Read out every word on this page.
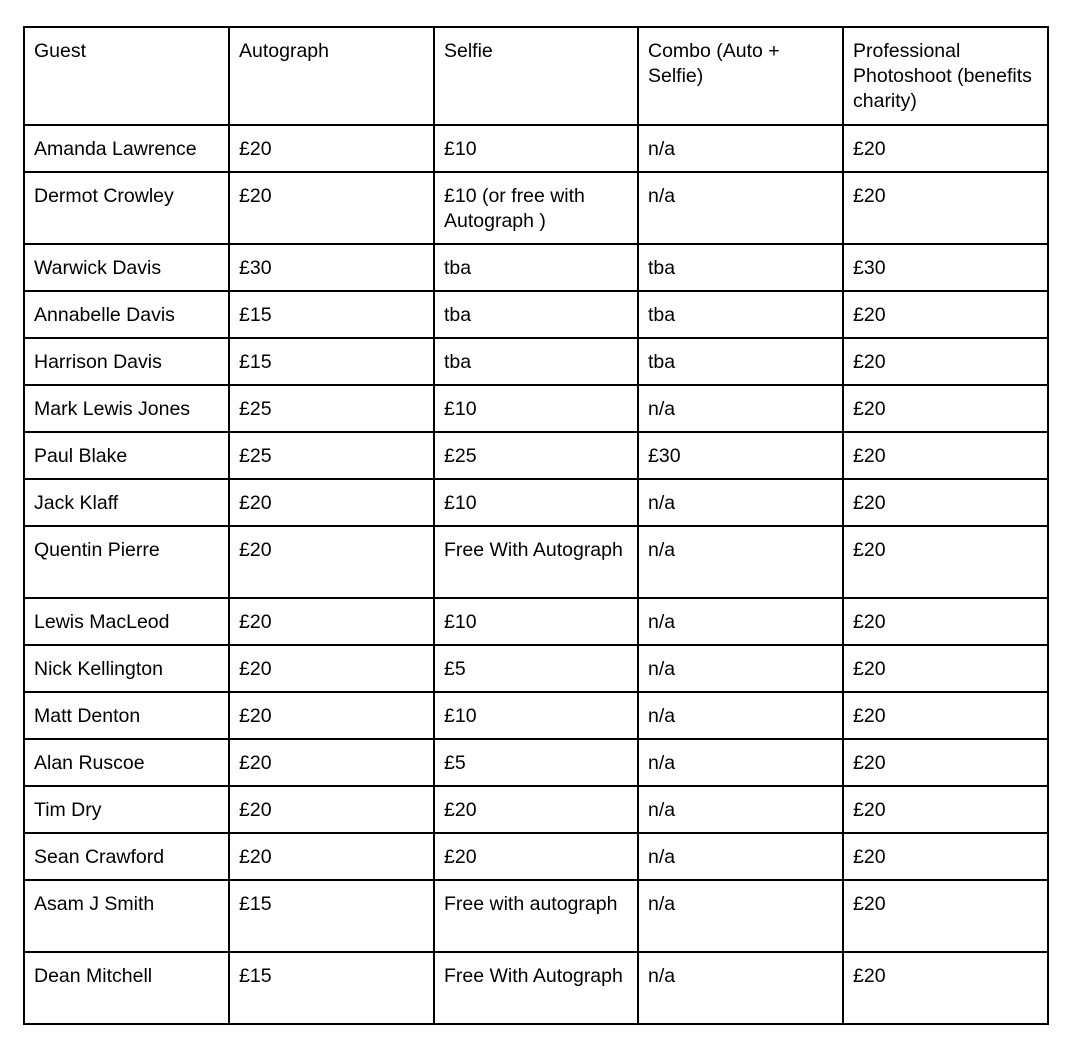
Guest	Autograph	Selfie	Combo (Auto + Selfie)	Professional Photoshoot (benefits charity)
Amanda Lawrence	£20	£10	n/a	£20
Dermot Crowley	£20	£10 (or free with Autograph )	n/a	£20
Warwick Davis	£30	tba	tba	£30
Annabelle Davis	£15	tba	tba	£20
Harrison Davis	£15	tba	tba	£20
Mark Lewis Jones	£25	£10	n/a	£20
Paul Blake	£25	£25	£30	£20
Jack Klaff	£20	£10	n/a	£20
Quentin Pierre	£20	Free With Autograph	n/a	£20
Lewis MacLeod	£20	£10	n/a	£20
Nick Kellington	£20	£5	n/a	£20
Matt Denton	£20	£10	n/a	£20
Alan Ruscoe	£20	£5	n/a	£20
Tim Dry	£20	£20	n/a	£20
Sean Crawford	£20	£20	n/a	£20
Asam J Smith	£15	Free with autograph	n/a	£20
Dean Mitchell	£15	Free With Autograph	n/a	£20
